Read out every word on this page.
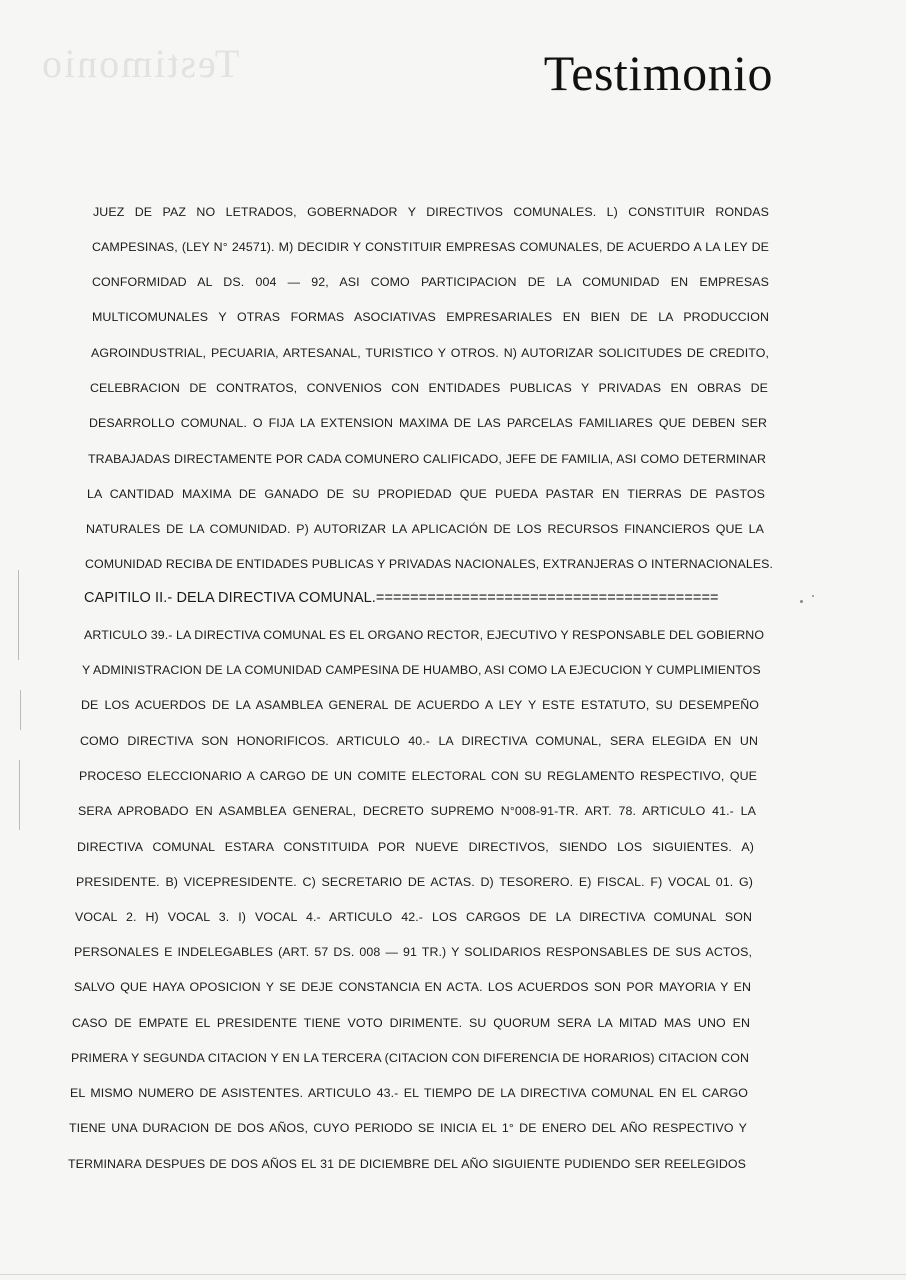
Testimonio	Testimonio
JUEZ DE PAZ NO LETRADOS, GOBERNADOR Y DIRECTIVOS COMUNALES. L) CONSTITUIR RONDAS
CAMPESINAS, (LEY N° 24571). M) DECIDIR Y CONSTITUIR EMPRESAS COMUNALES, DE ACUERDO A LA LEY DE
CONFORMIDAD AL DS. 004 — 92, ASI COMO PARTICIPACION DE LA COMUNIDAD EN EMPRESAS
MULTICOMUNALES Y OTRAS FORMAS ASOCIATIVAS EMPRESARIALES EN BIEN DE LA PRODUCCION
AGROINDUSTRIAL, PECUARIA, ARTESANAL, TURISTICO Y OTROS. N) AUTORIZAR SOLICITUDES DE CREDITO,
CELEBRACION DE CONTRATOS, CONVENIOS CON ENTIDADES PUBLICAS Y PRIVADAS EN OBRAS DE
DESARROLLO COMUNAL. O FIJA LA EXTENSION MAXIMA DE LAS PARCELAS FAMILIARES QUE DEBEN SER
TRABAJADAS DIRECTAMENTE POR CADA COMUNERO CALIFICADO, JEFE DE FAMILIA, ASI COMO DETERMINAR
LA CANTIDAD MAXIMA DE GANADO DE SU PROPIEDAD QUE PUEDA PASTAR EN TIERRAS DE PASTOS
NATURALES DE LA COMUNIDAD. P) AUTORIZAR LA APLICACIÓN DE LOS RECURSOS FINANCIEROS QUE LA
COMUNIDAD RECIBA DE ENTIDADES PUBLICAS Y PRIVADAS NACIONALES, EXTRANJERAS O INTERNACIONALES.
CAPITILO II.- DELA DIRECTIVA COMUNAL.========================================
ARTICULO 39.- LA DIRECTIVA COMUNAL ES EL ORGANO RECTOR, EJECUTIVO Y RESPONSABLE DEL GOBIERNO
Y ADMINISTRACION DE LA COMUNIDAD CAMPESINA DE HUAMBO, ASI COMO LA EJECUCION Y CUMPLIMIENTOS
DE LOS ACUERDOS DE LA ASAMBLEA GENERAL DE ACUERDO A LEY Y ESTE ESTATUTO, SU DESEMPEÑO
COMO DIRECTIVA SON HONORIFICOS. ARTICULO 40.- LA DIRECTIVA COMUNAL, SERA ELEGIDA EN UN
PROCESO ELECCIONARIO A CARGO DE UN COMITE ELECTORAL CON SU REGLAMENTO RESPECTIVO, QUE
SERA APROBADO EN ASAMBLEA GENERAL, DECRETO SUPREMO N°008-91-TR. ART. 78. ARTICULO 41.- LA
DIRECTIVA COMUNAL ESTARA CONSTITUIDA POR NUEVE DIRECTIVOS, SIENDO LOS SIGUIENTES. A)
PRESIDENTE. B) VICEPRESIDENTE. C) SECRETARIO DE ACTAS. D) TESORERO. E) FISCAL. F) VOCAL 01. G)
VOCAL 2. H) VOCAL 3. I) VOCAL 4.- ARTICULO 42.- LOS CARGOS DE LA DIRECTIVA COMUNAL SON
PERSONALES E INDELEGABLES (ART. 57 DS. 008 — 91 TR.) Y SOLIDARIOS RESPONSABLES DE SUS ACTOS,
SALVO QUE HAYA OPOSICION Y SE DEJE CONSTANCIA EN ACTA. LOS ACUERDOS SON POR MAYORIA Y EN
CASO DE EMPATE EL PRESIDENTE TIENE VOTO DIRIMENTE. SU QUORUM SERA LA MITAD MAS UNO EN
PRIMERA Y SEGUNDA CITACION Y EN LA TERCERA (CITACION CON DIFERENCIA DE HORARIOS) CITACION CON
EL MISMO NUMERO DE ASISTENTES. ARTICULO 43.- EL TIEMPO DE LA DIRECTIVA COMUNAL EN EL CARGO
TIENE UNA DURACION DE DOS AÑOS, CUYO PERIODO SE INICIA EL 1° DE ENERO DEL AÑO RESPECTIVO Y
TERMINARA DESPUES DE DOS AÑOS EL 31 DE DICIEMBRE DEL AÑO SIGUIENTE PUDIENDO SER REELEGIDOS
